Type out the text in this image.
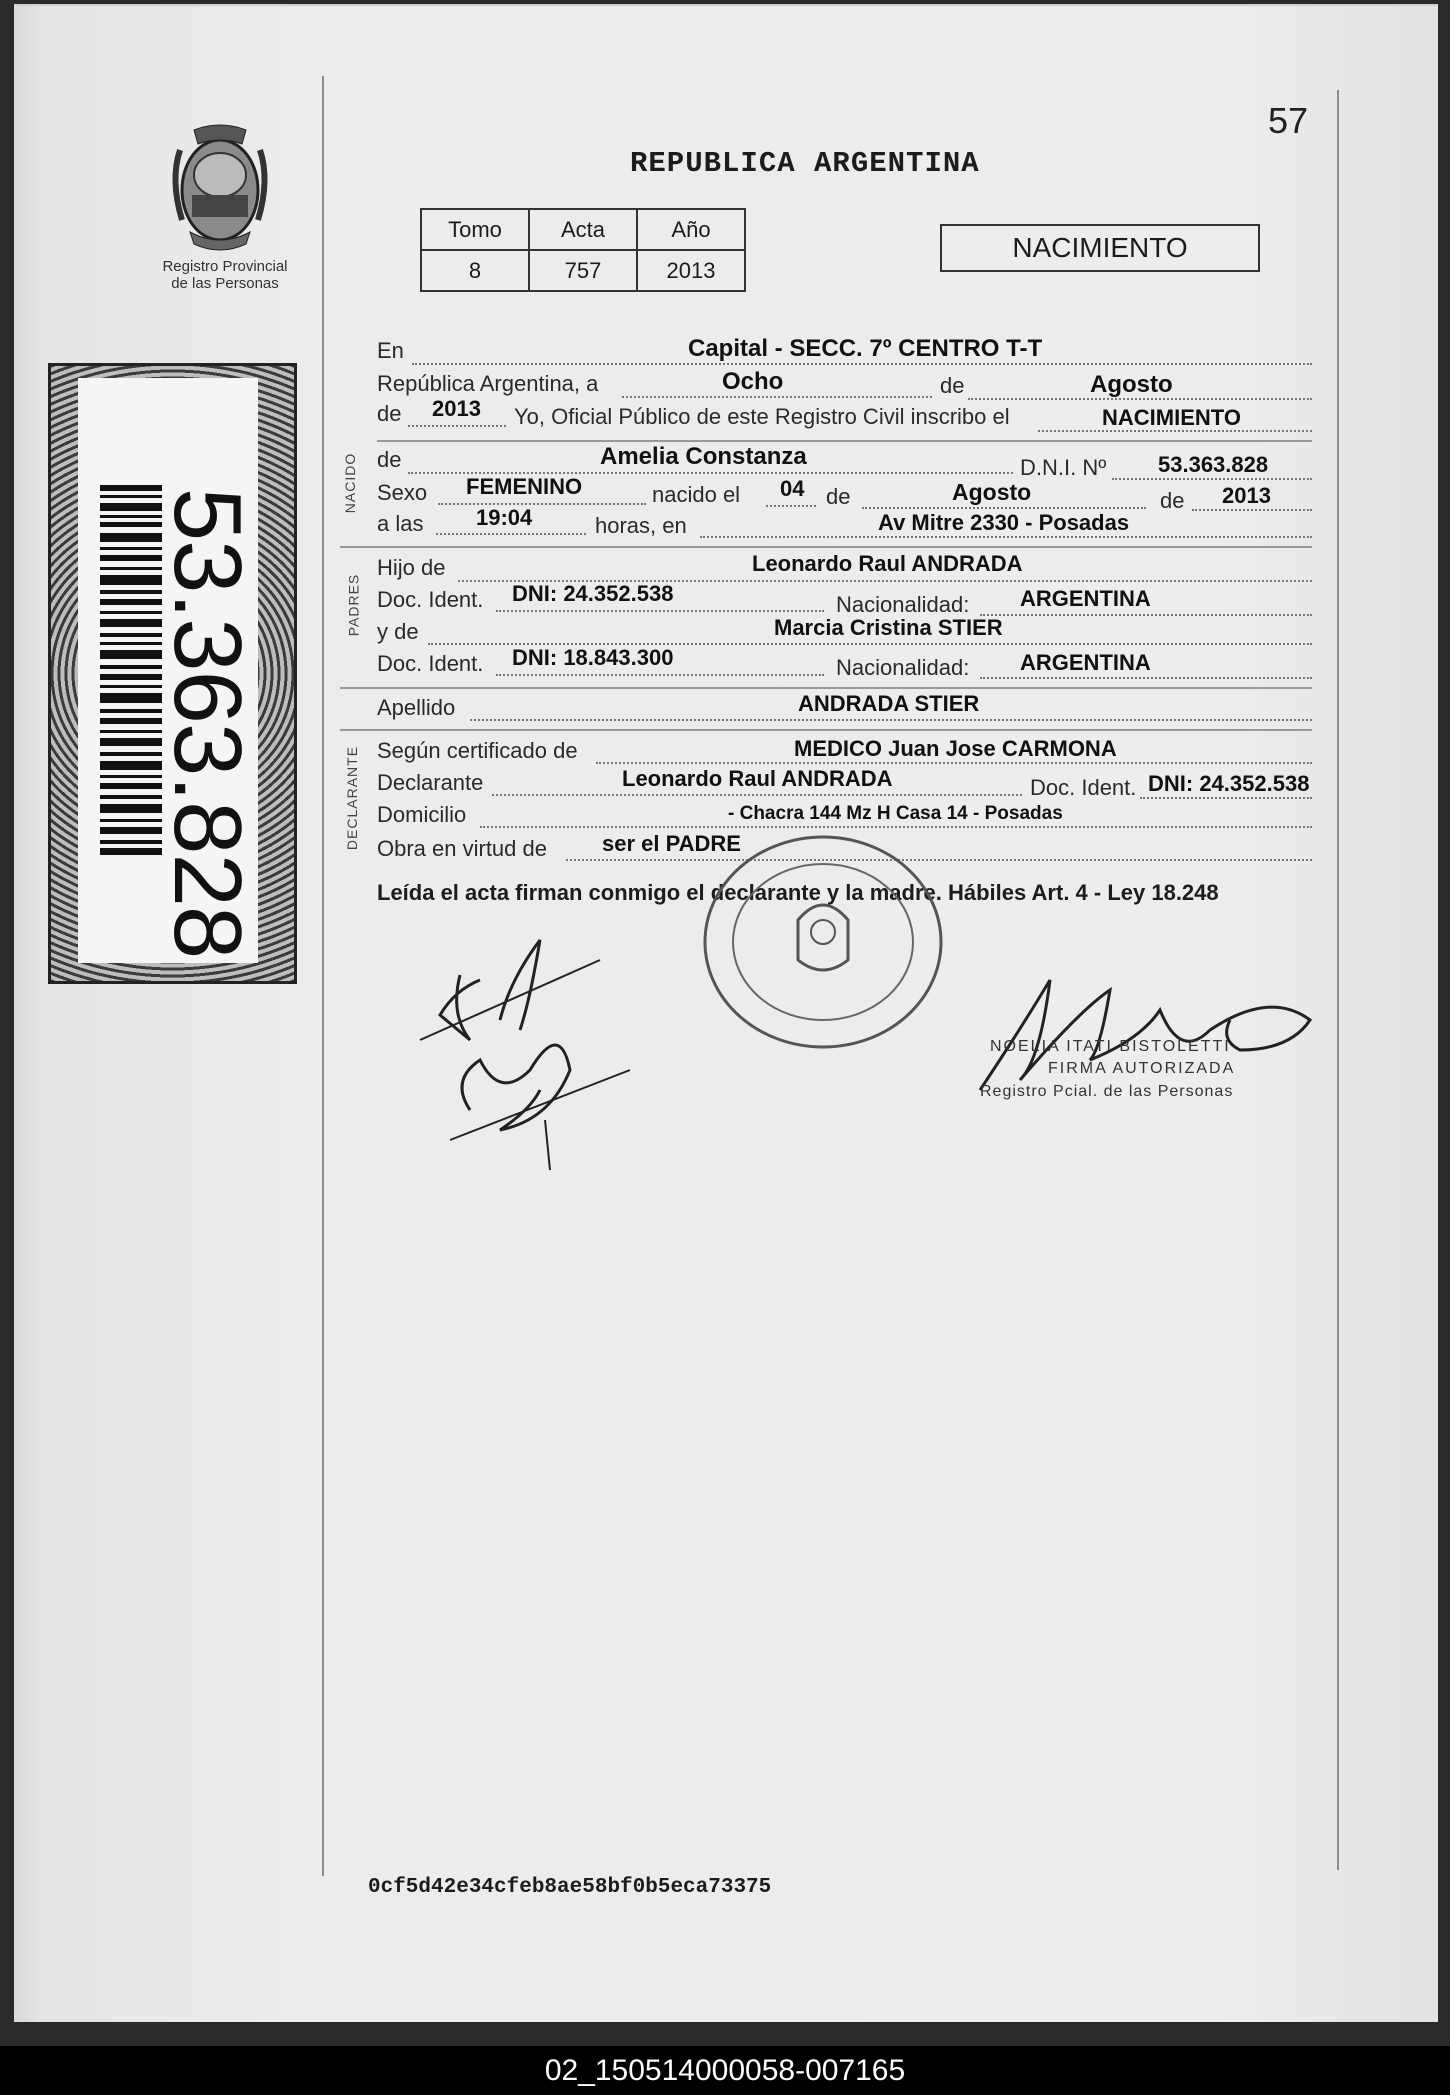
Registro Provincial
de las Personas
53.363.828
57
REPUBLICA ARGENTINA
Tomo	Acta	Año
8	757	2013
NACIMIENTO
En	Capital - SECC. 7º CENTRO T-T
República Argentina, a	Ocho	de	Agosto
de 2013 Yo, Oficial Público de este Registro Civil inscribo el	NACIMIENTO
NACIDO de	Amelia Constanza	D.N.I. Nº 53.363.828
Sexo FEMENINO	nacido el 04 de	Agosto	de 2013
a las 19:04	horas, en	Av Mitre 2330 - Posadas
PADRES
Hijo de	Leonardo Raul ANDRADA
Doc. Ident. DNI: 24.352.538	Nacionalidad: ARGENTINA
y de	Marcia Cristina STIER
Doc. Ident. DNI: 18.843.300	Nacionalidad: ARGENTINA
Apellido	ANDRADA STIER
DECLARANTE Según certificado de	MEDICO Juan Jose CARMONA
Declarante	Leonardo Raul ANDRADA	Doc. Ident. DNI: 24.352.538
Domicilio	- Chacra 144 Mz H Casa 14 - Posadas
Obra en virtud de	ser el PADRE
Leída el acta firman conmigo el declarante y la madre. Hábiles Art. 4 - Ley 18.248
NOELIA ITATI BISTOLETTI
FIRMA AUTORIZADA
Registro Pcial. de las Personas
0cf5d42e34cfeb8ae58bf0b5eca73375
02_150514000058-007165
